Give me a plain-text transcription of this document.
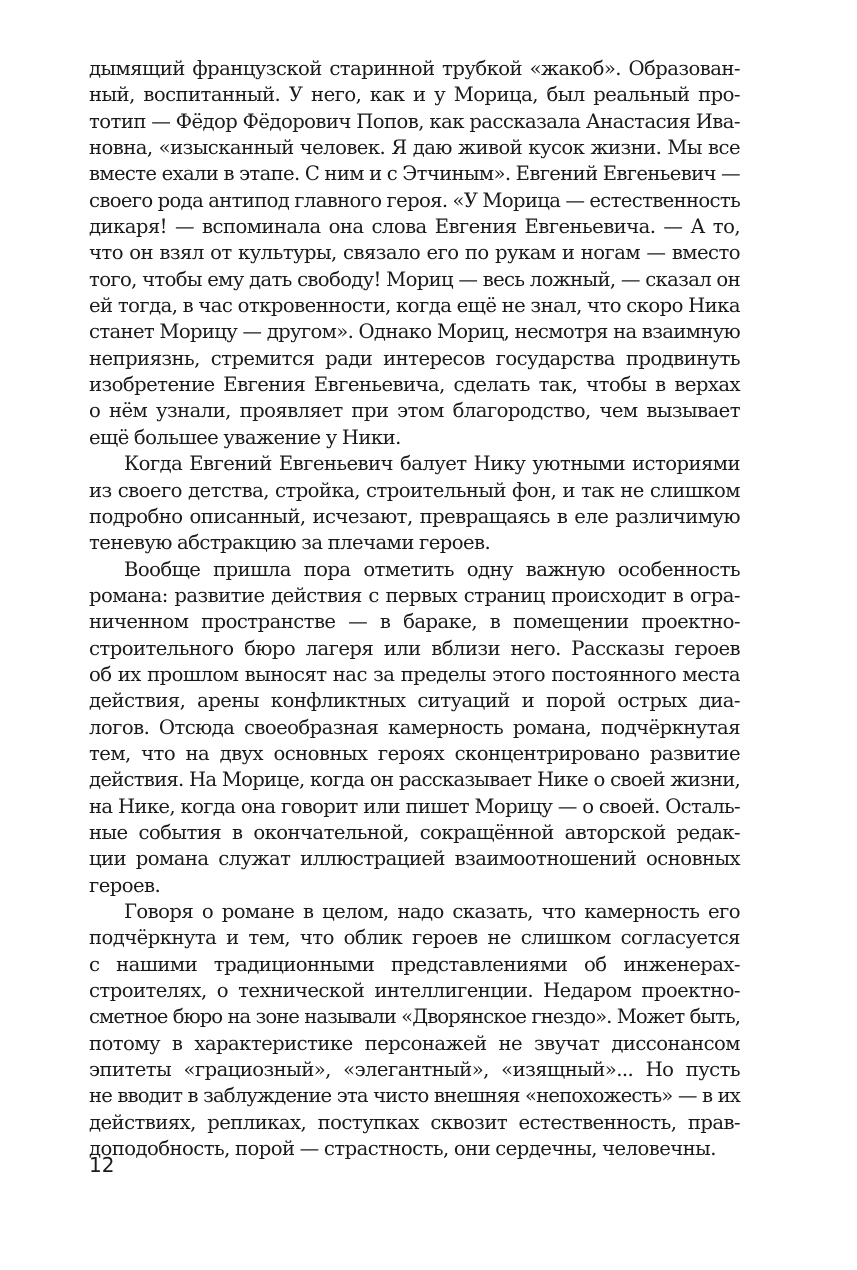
дымящий французской старинной трубкой «жакоб». Образован-
ный, воспитанный. У него, как и у Морица, был реальный про-
тотип — Фёдор Фёдорович Попов, как рассказала Анастасия Ива-
новна, «изысканный человек. Я даю живой кусок жизни. Мы все
вместе ехали в этапе. С ним и с Этчиным». Евгений Евгеньевич —
своего рода антипод главного героя. «У Морица — естественность
дикаря! — вспоминала она слова Евгения Евгеньевича. — А то,
что он взял от культуры, связало его по рукам и ногам — вместо
того, чтобы ему дать свободу! Мориц — весь ложный, — сказал он
ей тогда, в час откровенности, когда ещё не знал, что скоро Ника
станет Морицу — другом». Однако Мориц, несмотря на взаимную
неприязнь, стремится ради интересов государства продвинуть
изобретение Евгения Евгеньевича, сделать так, чтобы в верхах
о нём узнали, проявляет при этом благородство, чем вызывает
ещё большее уважение у Ники.
Когда Евгений Евгеньевич балует Нику уютными историями
из своего детства, стройка, строительный фон, и так не слишком
подробно описанный, исчезают, превращаясь в еле различимую
теневую абстракцию за плечами героев.
Вообще пришла пора отметить одну важную особенность
романа: развитие действия с первых страниц происходит в огра-
ниченном пространстве — в бараке, в помещении проектно-
строительного бюро лагеря или вблизи него. Рассказы героев
об их прошлом выносят нас за пределы этого постоянного места
действия, арены конфликтных ситуаций и порой острых диа-
логов. Отсюда своеобразная камерность романа, подчёркнутая
тем, что на двух основных героях сконцентрировано развитие
действия. На Морице, когда он рассказывает Нике о своей жизни,
на Нике, когда она говорит или пишет Морицу — о своей. Осталь-
ные события в окончательной, сокращённой авторской редак-
ции романа служат иллюстрацией взаимоотношений основных
героев.
Говоря о романе в целом, надо сказать, что камерность его
подчёркнута и тем, что облик героев не слишком согласуется
с нашими традиционными представлениями об инженерах-
строителях, о технической интеллигенции. Недаром проектно-
сметное бюро на зоне называли «Дворянское гнездо». Может быть,
потому в характеристике персонажей не звучат диссонансом
эпитеты «грациозный», «элегантный», «изящный»... Но пусть
не вводит в заблуждение эта чисто внешняя «непохожесть» — в их
действиях, репликах, поступках сквозит естественность, прав-
доподобность, порой — страстность, они сердечны, человечны.
12
